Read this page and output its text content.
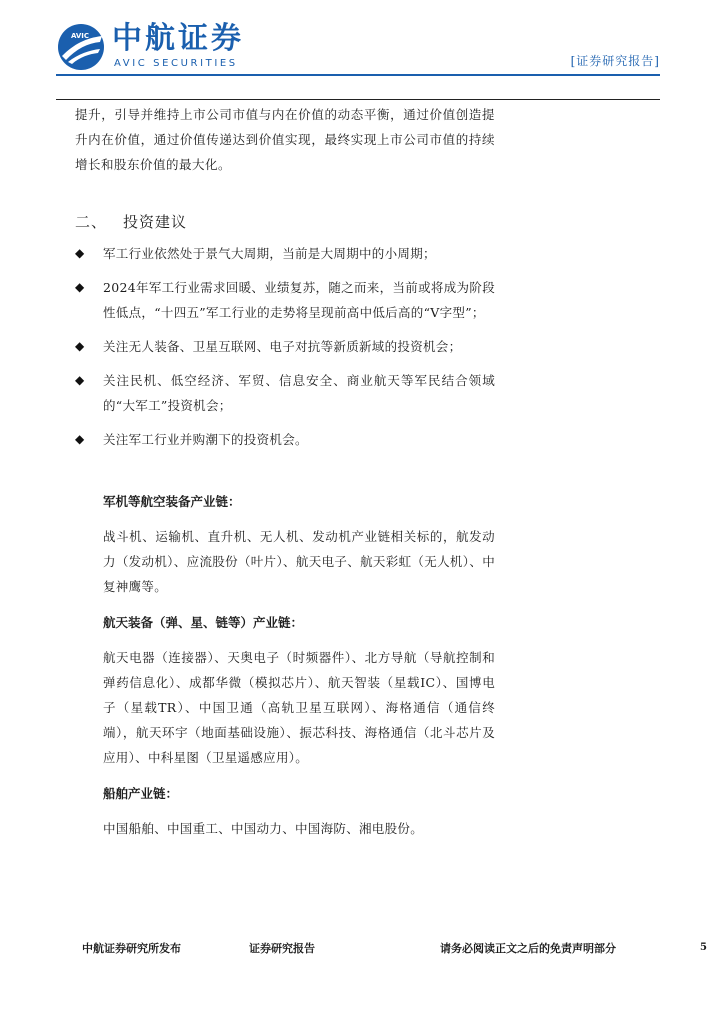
AVIC 中航证券
AVIC SECURITIES	[证券研究报告]

提升，引导并维持上市公司市值与内在价值的动态平衡，通过价值创造提升内在价值，通过价值传递达到价值实现，最终实现上市公司市值的持续增长和股东价值的最大化。

二、 投资建议
◆ 军工行业依然处于景气大周期，当前是大周期中的小周期；
◆ 2024年军工行业需求回暖、业绩复苏，随之而来，当前或将成为阶段性低点，“十四五”军工行业的走势将呈现前高中低后高的“V字型”；
◆ 关注无人装备、卫星互联网、电子对抗等新质新域的投资机会；
◆ 关注民机、低空经济、军贸、信息安全、商业航天等军民结合领域的“大军工”投资机会；
◆ 关注军工行业并购潮下的投资机会。

军机等航空装备产业链：

战斗机、运输机、直升机、无人机、发动机产业链相关标的，航发动力（发动机）、应流股份（叶片）、航天电子、航天彩虹（无人机）、中复神鹰等。

航天装备（弹、星、链等）产业链：

航天电器（连接器）、天奥电子（时频器件）、北方导航（导航控制和弹药信息化）、成都华微（模拟芯片）、航天智装（星载IC）、国博电子（星载TR）、中国卫通（高轨卫星互联网）、海格通信（通信终端），航天环宇（地面基础设施）、振芯科技、海格通信（北斗芯片及应用）、中科星图（卫星遥感应用）。

船舶产业链：

中国船舶、中国重工、中国动力、中国海防、湘电股份。

中航证券研究所发布	证券研究报告	请务必阅读正文之后的免责声明部分	5
